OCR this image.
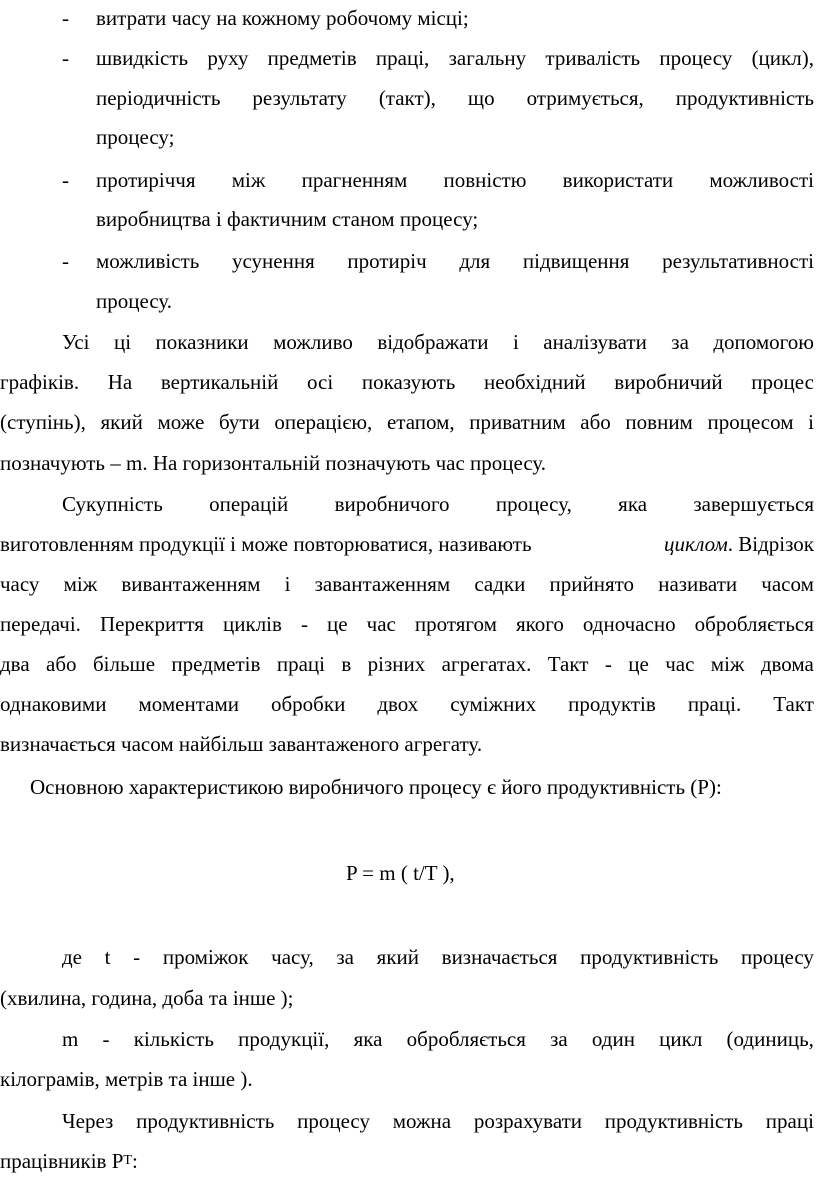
- витрати часу на кожному робочому місці;
- швидкість руху предметів праці, загальну тривалість процесу (цикл),
періодичність результату (такт), що отримується, продуктивність
процесу;
- протиріччя між прагненням повністю використати можливості
виробництва і фактичним станом процесу;
- можливість усунення протиріч для підвищення результативності
процесу.
Усі ці показники можливо відображати і аналізувати за допомогою
графіків. На вертикальній осі показують необхідний виробничий процес
(ступінь), який може бути операцією, етапом, приватним або повним процесом і
позначують – m. На горизонтальній позначують час процесу.
Сукупність операцій виробничого процесу, яка завершується
виготовленням продукції і може повторюватися, називають	циклом. Відрізок
часу між вивантаженням і завантаженням садки прийнято називати часом
передачі. Перекриття циклів - це час протягом якого одночасно обробляється
два або більше предметів праці в різних агрегатах. Такт - це час між двома
однаковими моментами обробки двох суміжних продуктів праці. Такт
визначається часом найбільш завантаженого агрегату.
Основною характеристикою виробничого процесу є його продуктивність (Р):
P = m ( t/T ),
де t - проміжок часу, за який визначається продуктивність процесу
(хвилина, година, доба та інше );
m - кількість продукції, яка обробляється за один цикл (одиниць,
кілограмів, метрів та інше ).
Через продуктивність процесу можна розрахувати продуктивність праці
працівників Р Т :
